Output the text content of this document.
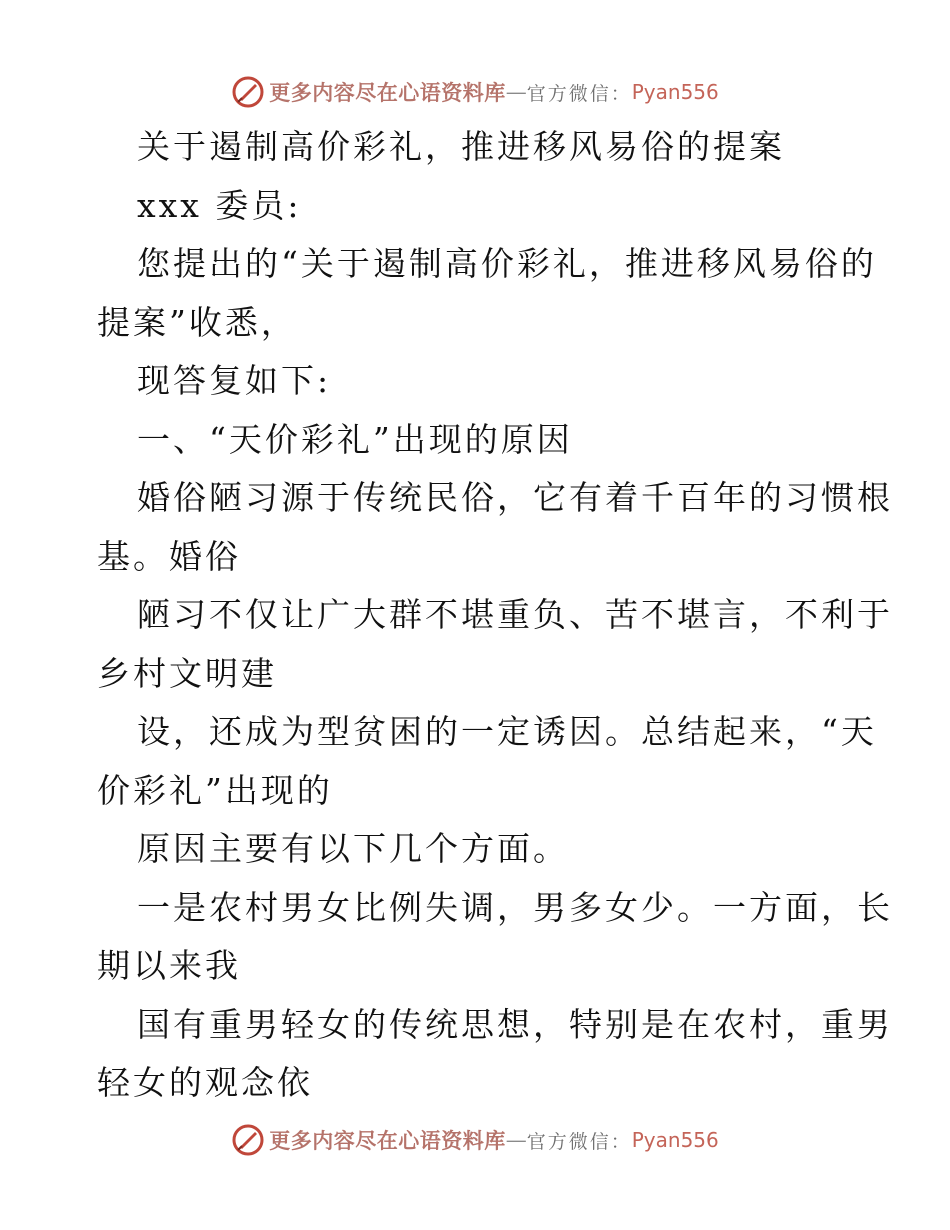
更多内容尽在心语资料库 — 官方微信： Pyan556
关于遏制高价彩礼，推进移风易俗的提案
xxx 委员:
您提出的“关于遏制高价彩礼，推进移风易俗的
提案”收悉，
现答复如下:
一、“天价彩礼”出现的原因
婚俗陋习源于传统民俗，它有着千百年的习惯根
基。婚俗
陋习不仅让广大群不堪重负、苦不堪言，不利于
乡村文明建
设，还成为型贫困的一定诱因。总结起来，“天
价彩礼”出现的
原因主要有以下几个方面。
一是农村男女比例失调，男多女少。一方面，长
期以来我
国有重男轻女的传统思想，特别是在农村，重男
轻女的观念依
更多内容尽在心语资料库 — 官方微信： Pyan556
